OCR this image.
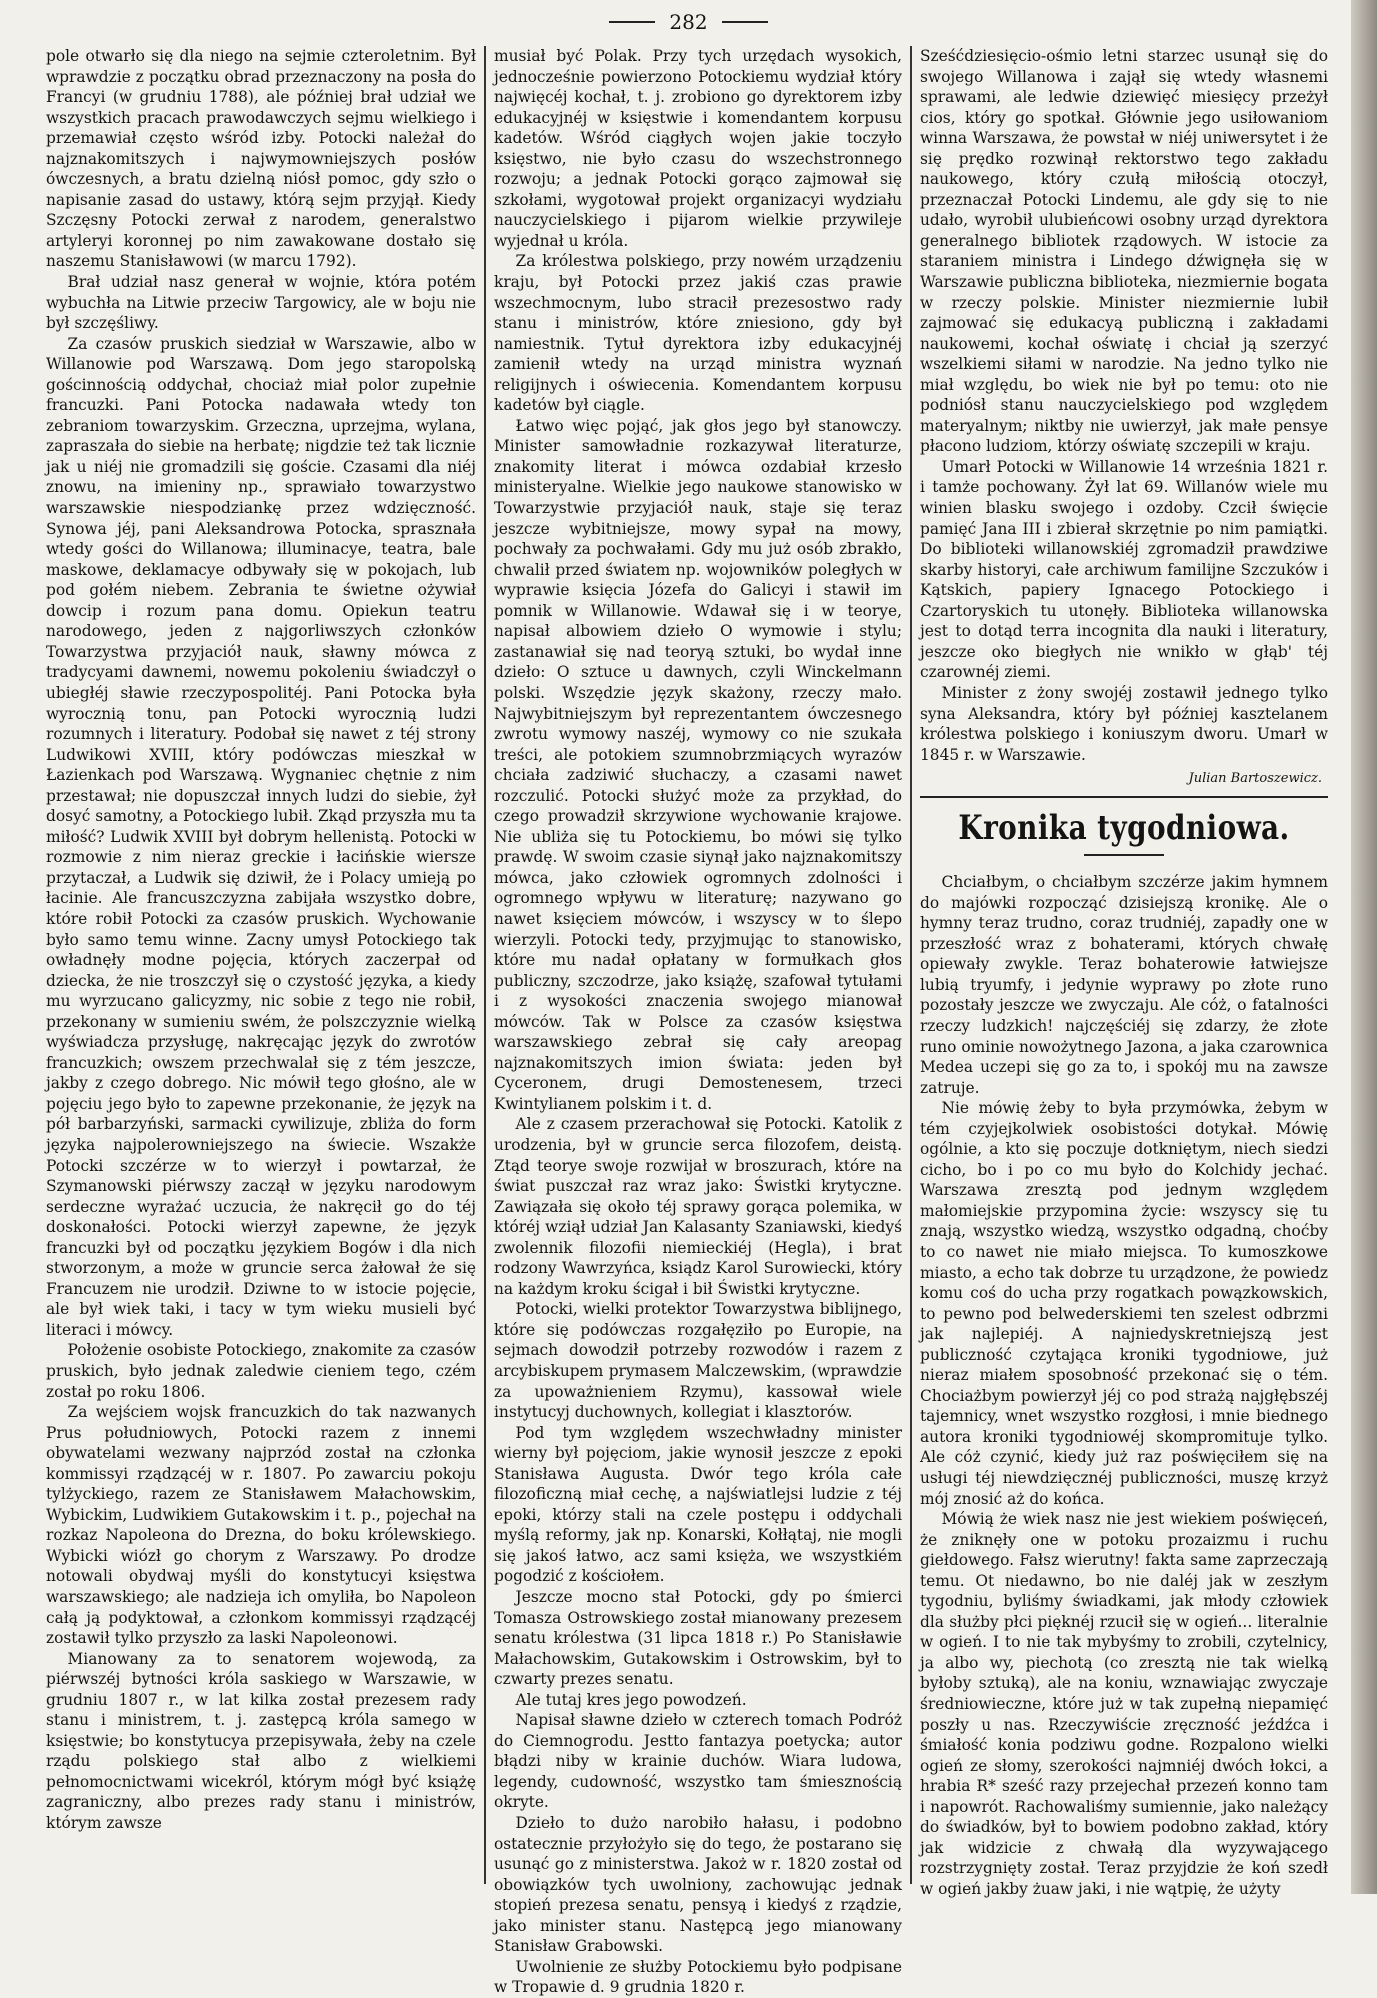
282

pole otwarło się dla niego na sejmie czteroletnim. Był wprawdzie z początku obrad przeznaczony na posła do Francyi (w grudniu 1788), ale później brał udział we wszystkich pracach prawodawczych sejmu wielkiego i przemawiał często wśród izby. Potocki należał do najznakomitszych i najwymowniejszych posłów ówczesnych, a bratu dzielną niósł pomoc, gdy szło o napisanie zasad do ustawy, którą sejm przyjął. Kiedy Szczęsny Potocki zerwał z narodem, generalstwo artyleryi koronnej po nim zawakowane dostało się naszemu Stanisławowi (w marcu 1792).

Brał udział nasz generał w wojnie, która potém wybuchła na Litwie przeciw Targowicy, ale w boju nie był szczęśliwy.

Za czasów pruskich siedział w Warszawie, albo w Willanowie pod Warszawą. Dom jego staropolską gościnnością oddychał, chociaż miał polor zupełnie francuzki. Pani Potocka nadawała wtedy ton zebraniom towarzyskim. Grzeczna, uprzejma, wylana, zapraszała do siebie na herbatę; nigdzie też tak licznie jak u niéj nie gromadzili się goście. Czasami dla niéj znowu, na imieniny np., sprawiało towarzystwo warszawskie niespodziankę przez wdzięczność. Synowa jéj, pani Aleksandrowa Potocka, sprasznała wtedy gości do Willanowa; illuminacye, teatra, bale maskowe, deklamacye odbywały się w pokojach, lub pod gołém niebem. Zebrania te świetne ożywiał dowcip i rozum pana domu. Opiekun teatru narodowego, jeden z najgorliwszych członków Towarzystwa przyjaciół nauk, sławny mówca z tradycyami dawnemi, nowemu pokoleniu świadczył o ubiegłéj sławie rzeczypospolitéj. Pani Potocka była wyrocznią tonu, pan Potocki wyrocznią ludzi rozumnych i literatury. Podobał się nawet z téj strony Ludwikowi XVIII, który podówczas mieszkał w Łazienkach pod Warszawą. Wygnaniec chętnie z nim przestawał; nie dopuszczał innych ludzi do siebie, żył dosyć samotny, a Potockiego lubił. Zkąd przyszła mu ta miłość? Ludwik XVIII był dobrym hellenistą. Potocki w rozmowie z nim nieraz greckie i łacińskie wiersze przytaczał, a Ludwik się dziwił, że i Polacy umieją po łacinie. Ale francuszczyzna zabijała wszystko dobre, które robił Potocki za czasów pruskich. Wychowanie było samo temu winne. Zacny umysł Potockiego tak owładnęły modne pojęcia, których zaczerpał od dziecka, że nie troszczył się o czystość języka, a kiedy mu wyrzucano galicyzmy, nic sobie z tego nie robił, przekonany w sumieniu swém, że polszczyznie wielką wyświadcza przysługę, nakręcając język do zwrotów francuzkich; owszem przechwalał się z tém jeszcze, jakby z czego dobrego. Nic mówił tego głośno, ale w pojęciu jego było to zapewne przekonanie, że język na pół barbarzyński, sarmacki cywilizuje, zbliża do form języka najpolerowniejszego na świecie. Wszakże Potocki szczérze w to wierzył i powtarzał, że Szymanowski piérwszy zaczął w języku narodowym serdeczne wyrażać uczucia, że nakręcił go do téj doskonałości. Potocki wierzył zapewne, że język francuzki był od początku językiem Bogów i dla nich stworzonym, a może w gruncie serca żałował że się Francuzem nie urodził. Dziwne to w istocie pojęcie, ale był wiek taki, i tacy w tym wieku musieli być literaci i mówcy.

Położenie osobiste Potockiego, znakomite za czasów pruskich, było jednak zaledwie cieniem tego, czém został po roku 1806.

Za wejściem wojsk francuzkich do tak nazwanych Prus południowych, Potocki razem z innemi obywatelami wezwany najprzód został na członka kommissyi rządzącéj w r. 1807. Po zawarciu pokoju tylżyckiego, razem ze Stanisławem Małachowskim, Wybickim, Ludwikiem Gutakowskim i t. p., pojechał na rozkaz Napoleona do Drezna, do boku królewskiego. Wybicki wiózł go chorym z Warszawy. Po drodze notowali obydwaj myśli do konstytucyi księstwa warszawskiego; ale nadzieja ich omyliła, bo Napoleon całą ją podyktował, a członkom kommissyi rządzącéj zostawił tylko przyszło za laski Napoleonowi.

Mianowany za to senatorem wojewodą, za piérwszéj bytności króla saskiego w Warszawie, w grudniu 1807 r., w lat kilka został prezesem rady stanu i ministrem, t. j. zastępcą króla samego w księstwie; bo konstytucya przepisywała, żeby na czele rządu polskiego stał albo z wielkiemi pełnomocnictwami wicekról, którym mógł być książę zagraniczny, albo prezes rady stanu i ministrów, którym zawsze

musiał być Polak. Przy tych urzędach wysokich, jednocześnie powierzono Potockiemu wydział który najwięcéj kochał, t. j. zrobiono go dyrektorem izby edukacyjnéj w księstwie i komendantem korpusu kadetów. Wśród ciągłych wojen jakie toczyło księstwo, nie było czasu do wszechstronnego rozwoju; a jednak Potocki gorąco zajmował się szkołami, wygotował projekt organizacyi wydziału nauczycielskiego i pijarom wielkie przywileje wyjednał u króla.

Za królestwa polskiego, przy nowém urządzeniu kraju, był Potocki przez jakiś czas prawie wszechmocnym, lubo stracił prezesostwo rady stanu i ministrów, które zniesiono, gdy był namiestnik. Tytuł dyrektora izby edukacyjnéj zamienił wtedy na urząd ministra wyznań religijnych i oświecenia. Komendantem korpusu kadetów był ciągle.

Łatwo więc pojąć, jak głos jego był stanowczy. Minister samowładnie rozkazywał literaturze, znakomity literat i mówca ozdabiał krzesło ministeryalne. Wielkie jego naukowe stanowisko w Towarzystwie przyjaciół nauk, staje się teraz jeszcze wybitniejsze, mowy sypał na mowy, pochwały za pochwałami. Gdy mu już osób zbrakło, chwalił przed światem np. wojowników poległych w wyprawie księcia Józefa do Galicyi i stawił im pomnik w Willanowie. Wdawał się i w teorye, napisał albowiem dzieło O wymowie i stylu; zastanawiał się nad teoryą sztuki, bo wydał inne dzieło: O sztuce u dawnych, czyli Winckelmann polski. Wszędzie język skażony, rzeczy mało. Najwybitniejszym był reprezentantem ówczesnego zwrotu wymowy naszéj, wymowy co nie szukała treści, ale potokiem szumnobrzmiących wyrazów chciała zadziwić słuchaczy, a czasami nawet rozczulić. Potocki służyć może za przykład, do czego prowadził skrzywione wychowanie krajowe. Nie ubliża się tu Potockiemu, bo mówi się tylko prawdę. W swoim czasie siynął jako najznakomitszy mówca, jako człowiek ogromnych zdolności i ogromnego wpływu w literaturę; nazywano go nawet księciem mówców, i wszyscy w to ślepo wierzyli. Potocki tedy, przyjmując to stanowisko, które mu nadał opłatany w formułkach głos publiczny, szczodrze, jako książę, szafował tytułami i z wysokości znaczenia swojego mianował mówców. Tak w Polsce za czasów księstwa warszawskiego zebrał się cały areopag najznakomitszych imion świata: jeden był Cyceronem, drugi Demostenesem, trzeci Kwintylianem polskim i t. d.

Ale z czasem przerachował się Potocki. Katolik z urodzenia, był w gruncie serca filozofem, deistą. Ztąd teorye swoje rozwijał w broszurach, które na świat puszczał raz wraz jako: Świstki krytyczne. Zawiązała się około téj sprawy gorąca polemika, w któréj wziął udział Jan Kalasanty Szaniawski, kiedyś zwolennik filozofii niemieckiéj (Hegla), i brat rodzony Wawrzyńca, ksiądz Karol Surowiecki, który na każdym kroku ścigał i bił Świstki krytyczne.

Potocki, wielki protektor Towarzystwa biblijnego, które się podówczas rozgałęziło po Europie, na sejmach dowodził potrzeby rozwodów i razem z arcybiskupem prymasem Malczewskim, (wprawdzie za upoważnieniem Rzymu), kassował wiele instytucyj duchownych, kollegiat i klasztorów.

Pod tym względem wszechwładny minister wierny był pojęciom, jakie wynosił jeszcze z epoki Stanisława Augusta. Dwór tego króla całe filozoficzną miał cechę, a najświatlejsi ludzie z téj epoki, którzy stali na czele postępu i oddychali myślą reformy, jak np. Konarski, Kołłątaj, nie mogli się jakoś łatwo, acz sami księża, we wszystkiém pogodzić z kościołem.

Jeszcze mocno stał Potocki, gdy po śmierci Tomasza Ostrowskiego został mianowany prezesem senatu królestwa (31 lipca 1818 r.) Po Stanisławie Małachowskim, Gutakowskim i Ostrowskim, był to czwarty prezes senatu.

Ale tutaj kres jego powodzeń.

Napisał sławne dzieło w czterech tomach Podróż do Ciemnogrodu. Jestto fantazya poetycka; autor błądzi niby w krainie duchów. Wiara ludowa, legendy, cudowność, wszystko tam śmiesznością okryte.

Dzieło to dużo narobiło hałasu, i podobno ostatecznie przyłożyło się do tego, że postarano się usunąć go z ministerstwa. Jakoż w r. 1820 został od obowiązków tych uwolniony, zachowując jednak stopień prezesa senatu, pensyą i kiedyś z rządzie, jako minister stanu. Następcą jego mianowany Stanisław Grabowski.

Uwolnienie ze służby Potockiemu było podpisane w Tropawie d. 9 grudnia 1820 r.

Sześćdziesięcio-ośmio letni starzec usunął się do swojego Willanowa i zajął się wtedy własnemi sprawami, ale ledwie dziewięć miesięcy przeżył cios, który go spotkał. Głównie jego usiłowaniom winna Warszawa, że powstał w niéj uniwersytet i że się prędko rozwinął rektorstwo tego zakładu naukowego, który czułą miłością otoczył, przeznaczał Potocki Lindemu, ale gdy się to nie udało, wyrobił ulubieńcowi osobny urząd dyrektora generalnego bibliotek rządowych. W istocie za staraniem ministra i Lindego dźwignęła się w Warszawie publiczna biblioteka, niezmiernie bogata w rzeczy polskie. Minister niezmiernie lubił zajmować się edukacyą publiczną i zakładami naukowemi, kochał oświatę i chciał ją szerzyć wszelkiemi siłami w narodzie. Na jedno tylko nie miał względu, bo wiek nie był po temu: oto nie podniósł stanu nauczycielskiego pod względem materyalnym; niktby nie uwierzył, jak małe pensye płacono ludziom, którzy oświatę szczepili w kraju.

Umarł Potocki w Willanowie 14 września 1821 r. i tamże pochowany. Żył lat 69. Willanów wiele mu winien blasku swojego i ozdoby. Czcił święcie pamięć Jana III i zbierał skrzętnie po nim pamiątki. Do biblioteki willanowskiéj zgromadził prawdziwe skarby historyi, całe archiwum familijne Szczuków i Kątskich, papiery Ignacego Potockiego i Czartoryskich tu utonęły. Biblioteka willanowska jest to dotąd terra incognita dla nauki i literatury, jeszcze oko biegłych nie wnikło w głąb' téj czarownéj ziemi.

Minister z żony swojéj zostawił jednego tylko syna Aleksandra, który był później kasztelanem królestwa polskiego i koniuszym dworu. Umarł w 1845 r. w Warszawie.

Julian Bartoszewicz.
Kronika tygodniowa.

Chciałbym, o chciałbym szczérze jakim hymnem do majówki rozpocząć dzisiejszą kronikę. Ale o hymny teraz trudno, coraz trudniéj, zapadły one w przeszłość wraz z bohaterami, których chwałę opiewały zwykle. Teraz bohaterowie łatwiejsze lubią tryumfy, i jedynie wyprawy po złote runo pozostały jeszcze we zwyczaju. Ale cóż, o fatalności rzeczy ludzkich! najczęściéj się zdarzy, że złote runo ominie nowożytnego Jazona, a jaka czarownica Medea uczepi się go za to, i spokój mu na zawsze zatruje.

Nie mówię żeby to była przymówka, żebym w tém czyjejkolwiek osobistości dotykał. Mówię ogólnie, a kto się poczuje dotkniętym, niech siedzi cicho, bo i po co mu było do Kolchidy jechać. Warszawa zresztą pod jednym względem małomiejskie przypomina życie: wszyscy się tu znają, wszystko wiedzą, wszystko odgadną, choćby to co nawet nie miało miejsca. To kumoszkowe miasto, a echo tak dobrze tu urządzone, że powiedz komu coś do ucha przy rogatkach powązkowskich, to pewno pod belwederskiemi ten szelest odbrzmi jak najlepiéj. A najniedyskretniejszą jest publiczność czytająca kroniki tygodniowe, już nieraz miałem sposobność przekonać się o tém. Chociażbym powierzył jéj co pod strażą najgłębszéj tajemnicy, wnet wszystko rozgłosi, i mnie biednego autora kroniki tygodniowéj skompromituje tylko. Ale cóż czynić, kiedy już raz poświęciłem się na usługi téj niewdzięcznéj publiczności, muszę krzyż mój znosić aż do końca.

Mówią że wiek nasz nie jest wiekiem poświęceń, że zniknęły one w potoku prozaizmu i ruchu giełdowego. Fałsz wierutny! fakta same zaprzeczają temu. Ot niedawno, bo nie daléj jak w zeszłym tygodniu, byliśmy świadkami, jak młody człowiek dla służby płci pięknéj rzucił się w ogień... literalnie w ogień. I to nie tak mybyśmy to zrobili, czytelnicy, ja albo wy, piechotą (co zresztą nie tak wielką byłoby sztuką), ale na koniu, wznawiając zwyczaje średniowieczne, które już w tak zupełną niepamięć poszły u nas. Rzeczywiście zręczność jeźdźca i śmiałość konia podziwu godne. Rozpalono wielki ogień ze słomy, szerokości najmniéj dwóch łokci, a hrabia R* sześć razy przejechał przezeń konno tam i napowrót. Rachowaliśmy sumiennie, jako należący do świadków, był to bowiem podobno zakład, który jak widzicie z chwałą dla wyzywającego rozstrzygnięty został. Teraz przyjdzie że koń szedł w ogień jakby żuaw jaki, i nie wątpię, że użyty
